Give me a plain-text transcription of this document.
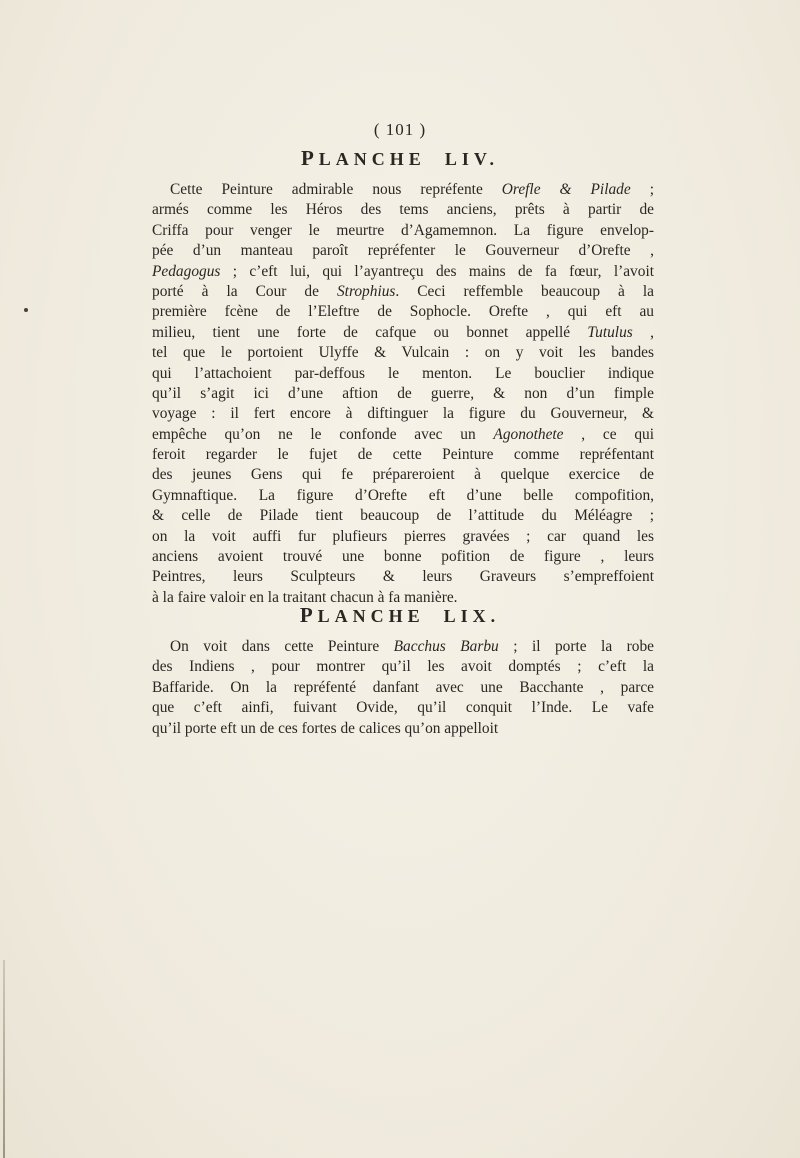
( 101 )
PLANCHE LIV.
Cette Peinture admirable nous repréfente Orefle & Pilade ;
armés comme les Héros des tems anciens, prêts à partir de
Criffa pour venger le meurtre d’Agamemnon. La figure envelop-
pée d’un manteau paroît repréfenter le Gouverneur d’Orefte ,
Pedagogus ; c’eft lui, qui l’ayantreçu des mains de fa fœur, l’avoit
porté à la Cour de Strophius. Ceci reffemble beaucoup à la
première fcène de l’Eleftre de Sophocle. Orefte , qui eft au
milieu, tient une forte de cafque ou bonnet appellé Tutulus ,
tel que le portoient Ulyffe & Vulcain : on y voit les bandes
qui l’attachoient par-deffous le menton. Le bouclier indique
qu’il s’agit ici d’une aftion de guerre, & non d’un fimple
voyage : il fert encore à diftinguer la figure du Gouverneur, &
empêche qu’on ne le confonde avec un Agonothete , ce qui
feroit regarder le fujet de cette Peinture comme repréfentant
des jeunes Gens qui fe prépareroient à quelque exercice de
Gymnaftique. La figure d’Orefte eft d’une belle compofition,
& celle de Pilade tient beaucoup de l’attitude du Méléagre ;
on la voit auffi fur plufieurs pierres gravées ; car quand les
anciens avoient trouvé une bonne pofition de figure , leurs
Peintres, leurs Sculpteurs & leurs Graveurs s’empreffoient
à la faire valoir en la traitant chacun à fa manière.
PLANCHE LIX.
On voit dans cette Peinture Bacchus Barbu ; il porte la robe
des Indiens , pour montrer qu’il les avoit domptés ; c’eft la
Baffaride. On la repréfenté danfant avec une Bacchante , parce
que c’eft ainfi, fuivant Ovide, qu’il conquit l’Inde. Le vafe
qu’il porte eft un de ces fortes de calices qu’on appelloit
